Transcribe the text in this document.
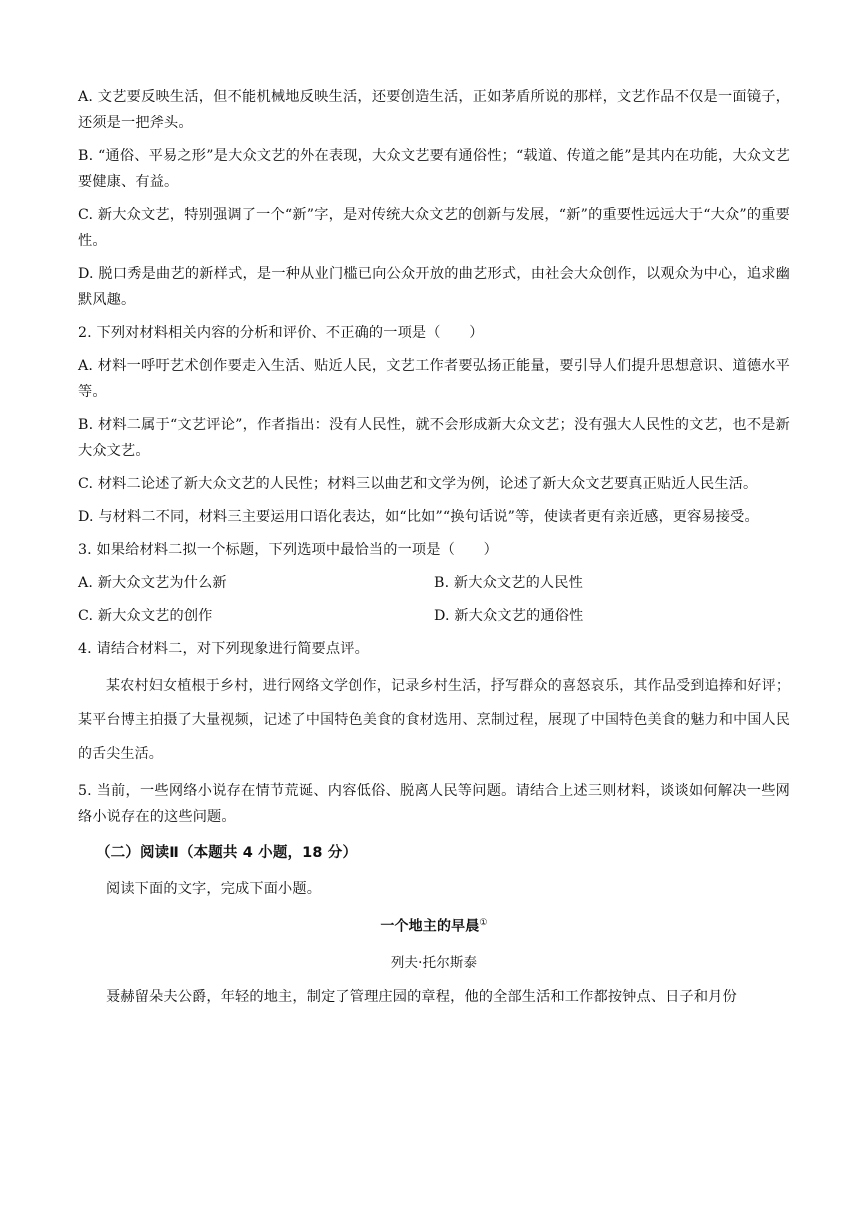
A. 文艺要反映生活，但不能机械地反映生活，还要创造生活，正如茅盾所说的那样，文艺作品不仅是一面镜子，还须是一把斧头。

B. “通俗、平易之形”是大众文艺的外在表现，大众文艺要有通俗性；“载道、传道之能”是其内在功能，大众文艺要健康、有益。

C. 新大众文艺，特别强调了一个“新”字，是对传统大众文艺的创新与发展，“新”的重要性远远大于“大众”的重要性。

D. 脱口秀是曲艺的新样式，是一种从业门槛已向公众开放的曲艺形式，由社会大众创作，以观众为中心，追求幽默风趣。

2. 下列对材料相关内容的分析和评价、不正确的一项是（　　）

A. 材料一呼吁艺术创作要走入生活、贴近人民，文艺工作者要弘扬正能量，要引导人们提升思想意识、道德水平等。

B. 材料二属于“文艺评论”，作者指出：没有人民性，就不会形成新大众文艺；没有强大人民性的文艺，也不是新大众文艺。

C. 材料二论述了新大众文艺的人民性；材料三以曲艺和文学为例，论述了新大众文艺要真正贴近人民生活。

D. 与材料二不同，材料三主要运用口语化表达，如“比如”“换句话说”等，使读者更有亲近感，更容易接受。

3. 如果给材料二拟一个标题，下列选项中最恰当的一项是（　　）

A. 新大众文艺为什么新	B. 新大众文艺的人民性

C. 新大众文艺的创作	D. 新大众文艺的通俗性

4. 请结合材料二，对下列现象进行简要点评。

某农村妇女植根于乡村，进行网络文学创作，记录乡村生活，抒写群众的喜怒哀乐，其作品受到追捧和好评；某平台博主拍摄了大量视频，记述了中国特色美食的食材选用、烹制过程，展现了中国特色美食的魅力和中国人民的舌尖生活。

5. 当前，一些网络小说存在情节荒诞、内容低俗、脱离人民等问题。请结合上述三则材料，谈谈如何解决一些网络小说存在的这些问题。

（二）阅读Ⅱ（本题共 4 小题，18 分）

阅读下面的文字，完成下面小题。

一个地主的早晨①

列夫·托尔斯泰

聂赫留朵夫公爵，年轻的地主，制定了管理庄园的章程，他的全部生活和工作都按钟点、日子和月份
